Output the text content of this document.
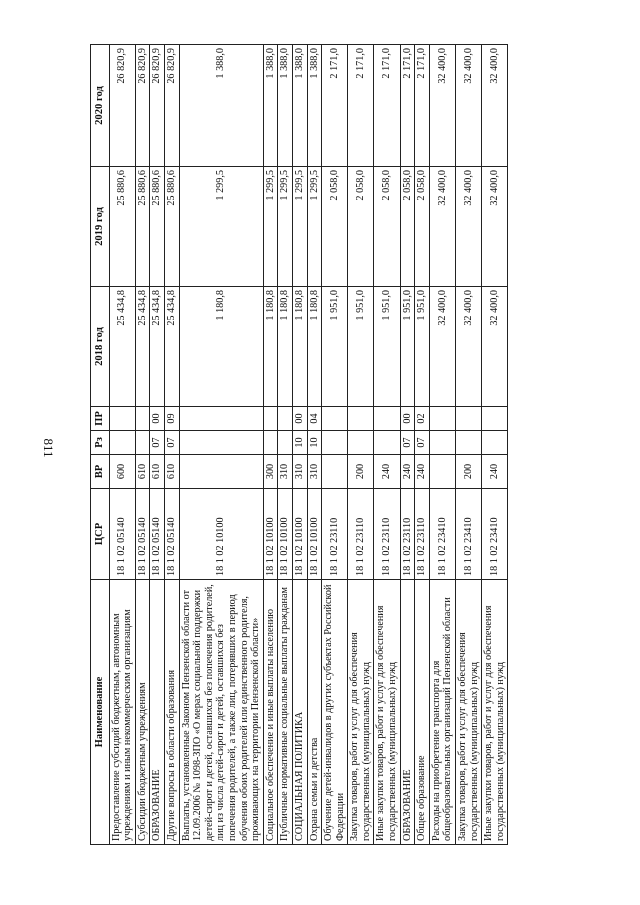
811
Наименование	ЦСР	ВР	Рз	ПР	2018 год	2019 год	2020 год
Предоставление субсидий бюджетным, автономным учреждениям и иным некоммерческим организациям	18 1 02 05140	600			25 434,8	25 880,6	26 820,9
Субсидии бюджетным учреждениям	18 1 02 05140	610			25 434,8	25 880,6	26 820,9
ОБРАЗОВАНИЕ	18 1 02 05140	610	07	00	25 434,8	25 880,6	26 820,9
Другие вопросы в области образования	18 1 02 05140	610	07	09	25 434,8	25 880,6	26 820,9
Выплаты, установленные Законом Пензенской области от 12.09.2006 № 1098-ЗПО «О мерах социальной поддержки детей-сирот и детей, оставшихся без попечения родителей, лиц из числа детей-сирот и детей, оставшихся без попечения родителей, а также лиц, потерявших в период обучения обоих родителей или единственного родителя, проживающих на территории Пензенской области»	18 1 02 10100				1 180,8	1 299,5	1 388,0
Социальное обеспечение и иные выплаты населению	18 1 02 10100	300			1 180,8	1 299,5	1 388,0
Публичные нормативные социальные выплаты гражданам	18 1 02 10100	310			1 180,8	1 299,5	1 388,0
СОЦИАЛЬНАЯ ПОЛИТИКА	18 1 02 10100	310	10	00	1 180,8	1 299,5	1 388,0
Охрана семьи и детства	18 1 02 10100	310	10	04	1 180,8	1 299,5	1 388,0
Обучение детей-инвалидов в других субъектах Российской Федерации	18 1 02 23110				1 951,0	2 058,0	2 171,0
Закупка товаров, работ и услуг для обеспечения государственных (муниципальных) нужд	18 1 02 23110	200			1 951,0	2 058,0	2 171,0
Иные закупки товаров, работ и услуг для обеспечения государственных (муниципальных) нужд	18 1 02 23110	240			1 951,0	2 058,0	2 171,0
ОБРАЗОВАНИЕ	18 1 02 23110	240	07	00	1 951,0	2 058,0	2 171,0
Общее образование	18 1 02 23110	240	07	02	1 951,0	2 058,0	2 171,0
Расходы на приобретение транспорта для общеобразовательных организаций Пензенской области	18 1 02 23410				32 400,0	32 400,0	32 400,0
Закупка товаров, работ и услуг для обеспечения государственных (муниципальных) нужд	18 1 02 23410	200			32 400,0	32 400,0	32 400,0
Иные закупки товаров, работ и услуг для обеспечения государственных (муниципальных) нужд	18 1 02 23410	240			32 400,0	32 400,0	32 400,0
